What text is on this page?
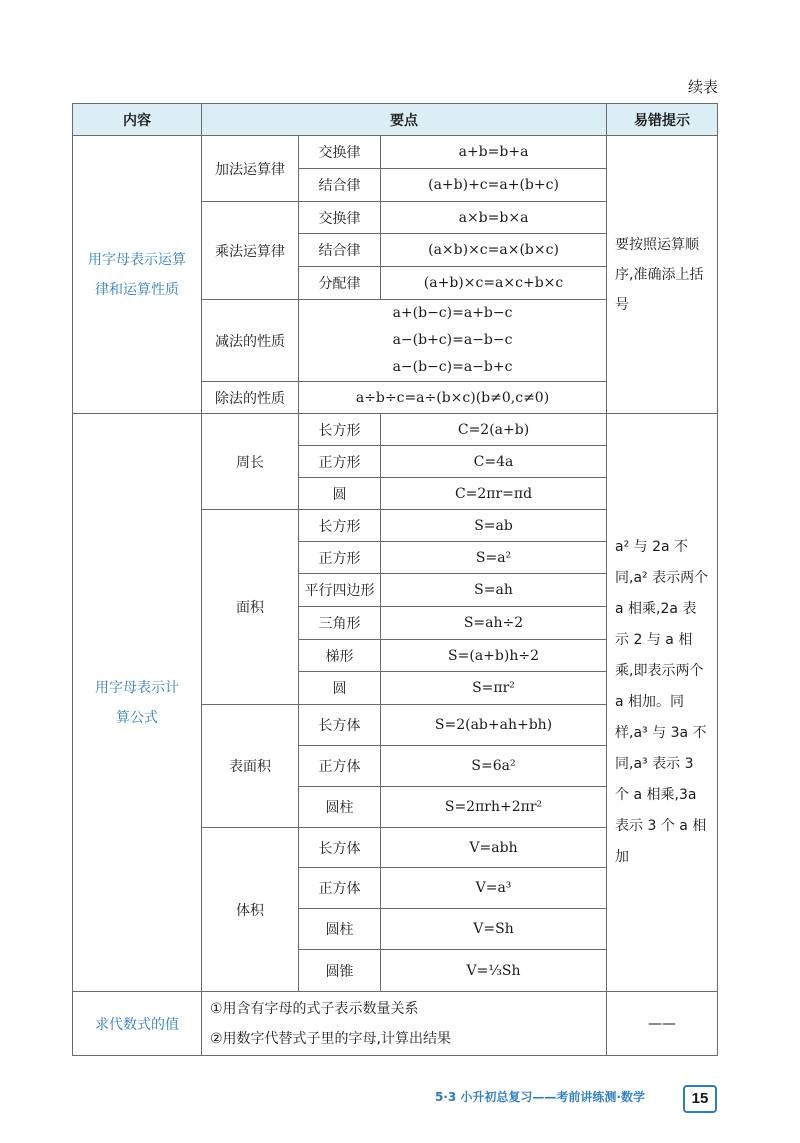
续表
内容	要点			易错提示
用字母表示运算律和运算性质	加法运算律	交换律	a+b=b+a	要按照运算顺序,准确添上括号
		结合律	(a+b)+c=a+(b+c)	
	乘法运算律	交换律	a×b=b×a	
		结合律	(a×b)×c=a×(b×c)	
		分配律	(a+b)×c=a×c+b×c	
	减法的性质	a+(b−c)=a+b−c
a−(b+c)=a−b−c
a−(b−c)=a−b+c		

	除法的性质	a÷b÷c=a÷(b×c)(b≠0,c≠0)		

用字母表示计算公式	周长	长方形	C=2(a+b)	a² 与 2a 不同,a² 表示两个 a 相乘,2a 表示 2 与 a 相乘,即表示两个 a 相加。同样,a³ 与 3a 不同,a³ 表示 3 个 a 相乘,3a 表示 3 个 a 相加
		正方形	C=4a	
		圆	C=2πr=πd	
	面积	长方形	S=ab	
		正方形	S=a²	
		平行四边形	S=ah	
		三角形	S=ah÷2	
		梯形	S=(a+b)h÷2	
		圆	S=πr²	
	表面积	长方体	S=2(ab+ah+bh)	
		正方体	S=6a²	
		圆柱	S=2πrh+2πr²	
	体积	长方体	V=abh	
		正方体	V=a³	
		圆柱	V=Sh	
		圆锥	V=⅓Sh	
求代数式的值	①用含有字母的式子表示数量关系
②用数字代替式子里的字母,计算出结果			——
5·3 小升初总复习——考前讲练测·数学	15
